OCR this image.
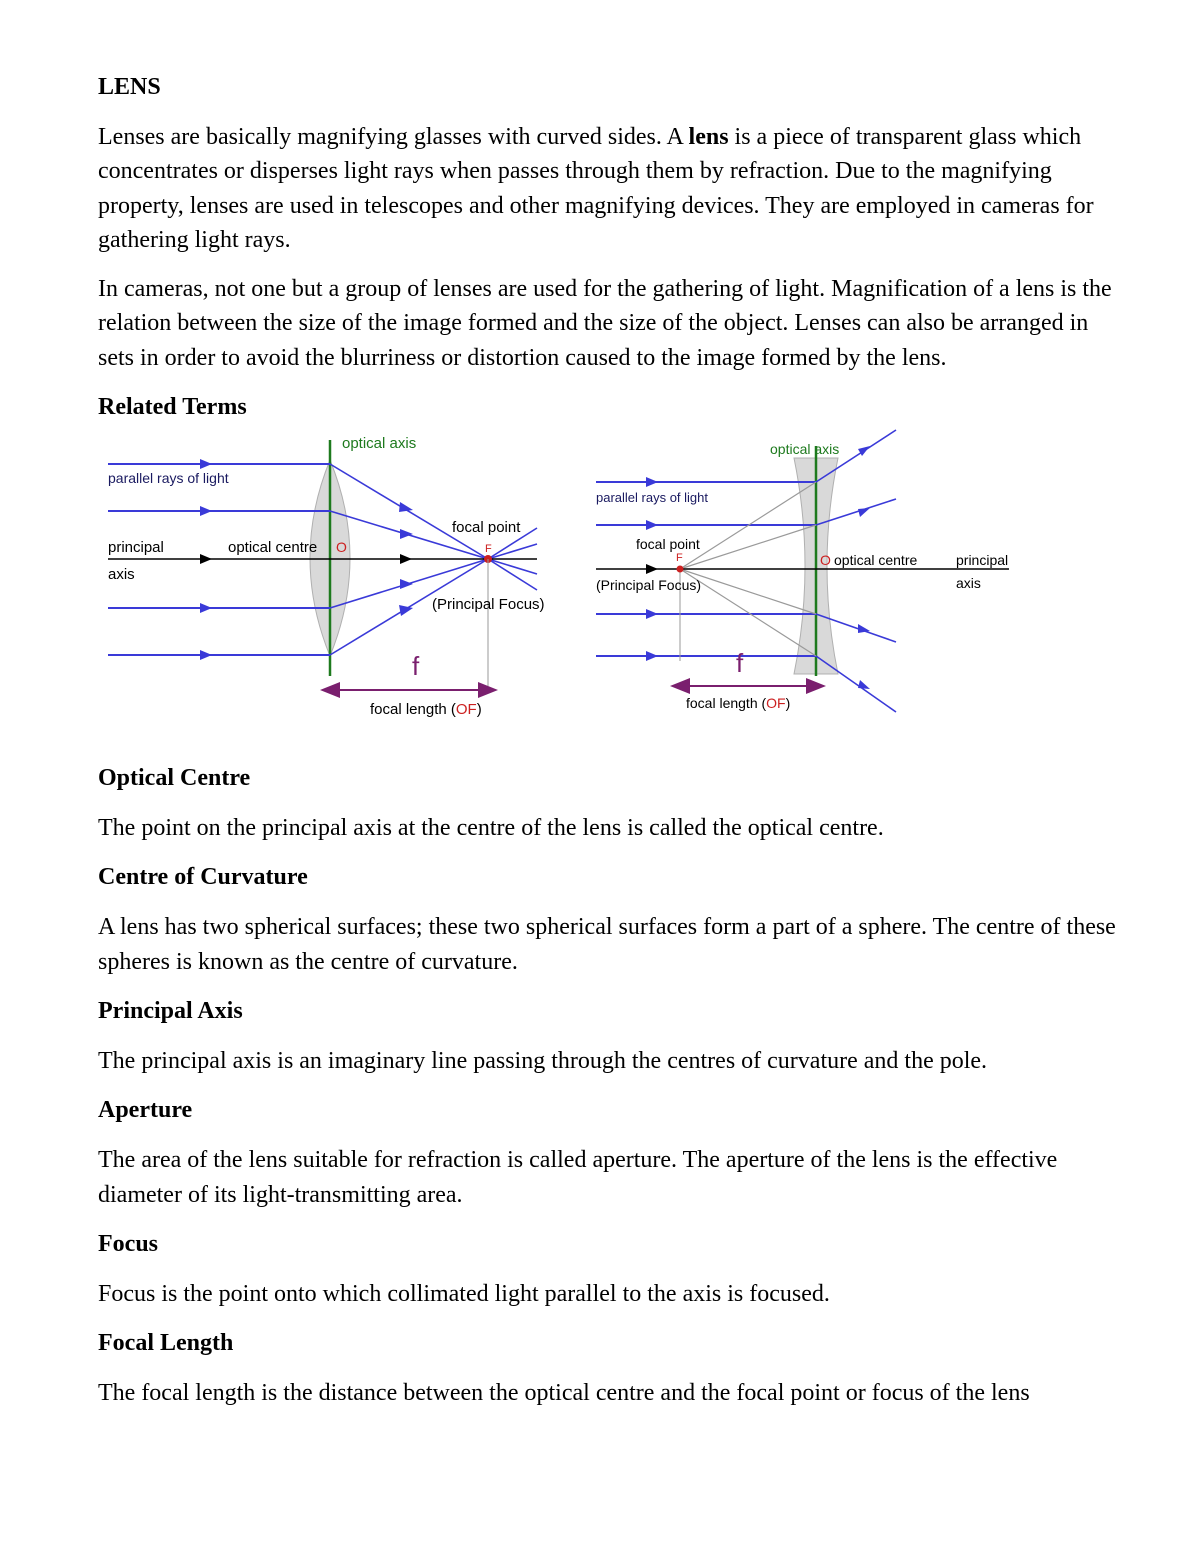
LENS

Lenses are basically magnifying glasses with curved sides. A lens is a piece of transparent glass which concentrates or disperses light rays when passes through them by refraction. Due to the magnifying property, lenses are used in telescopes and other magnifying devices. They are employed in cameras for gathering light rays.

In cameras, not one but a group of lenses are used for the gathering of light. Magnification of a lens is the relation between the size of the image formed and the size of the object. Lenses can also be arranged in sets in order to avoid the blurriness or distortion caused to the image formed by the lens.

Related Terms

optical axis
parallel rays of light
principal
axis
optical centre O
focal point
F
(Principal Focus)
f
focal length (OF)
optical axis
parallel rays of light
focal point
F
(Principal Focus)
O optical centre	principal
axis
f
focal length (OF)

Optical Centre

The point on the principal axis at the centre of the lens is called the optical centre.

Centre of Curvature

A lens has two spherical surfaces; these two spherical surfaces form a part of a sphere. The centre of these spheres is known as the centre of curvature.

Principal Axis

The principal axis is an imaginary line passing through the centres of curvature and the pole.

Aperture

The area of the lens suitable for refraction is called aperture. The aperture of the lens is the effective diameter of its light-transmitting area.

Focus

Focus is the point onto which collimated light parallel to the axis is focused.

Focal Length

The focal length is the distance between the optical centre and the focal point or focus of the lens
